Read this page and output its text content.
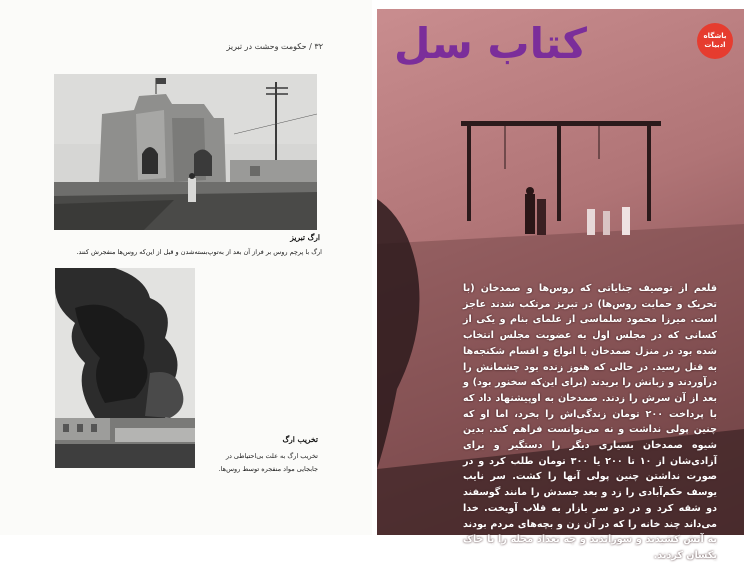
۳۲ / حکومت وحشت در تبریز
ارگ تبریز
ارگ با پرچم روس بر فراز آن بعد از به‌توپ‌بسته‌شدن و قبل از این‌که روس‌ها منفجرش کنند.
تخریب ارگ
تخریب ارگ به علت بی‌احتیاطی در
جابجایی مواد منفجره توسط روس‌ها.
کتاب سل	باشگاه ادبیات
قلعم از توصیف جنایاتی که روس‌ها و صمدخان (با تحریک و حمایت روس‌ها) در تبریز مرتکب شدند عاجز است. میرزا محمود سلماسی از علمای بنام و یکی از کسانی که در مجلس اول به عضویت مجلس انتخاب شده بود در منزل صمدخان با انواع و اقسام شکنجه‌ها به قتل رسید. در حالی که هنوز زنده بود چشمانش را درآوردند و زبانش را بریدند (برای این‌که سخنور بود) و بعد از آن سرش را زدند. صمدخان به اوپیشنهاد داد که با پرداخت ۲۰۰ تومان زندگی‌اش را بخرد، اما او که چنین پولی نداشت و نه می‌توانست فراهم کند. بدین شیوه صمدخان بسیاری دیگر را دستگیر و برای آزادی‌شان از ۱۰ تا ۲۰۰ یا ۳۰۰ تومان طلب کرد و در صورت نداشتن چنین پولی آنها را کشت. سر نایب یوسف حکم‌آبادی را زد و بعد جسدش را مانند گوسفند دو شقه کرد و در دو سر بازار به قلاب آویخت. خدا می‌داند چند خانه را که در آن زن و بچه‌های مردم بودند به آتش کشیدند و سوزاندند و چه تعداد محله را با خاک یکسان کردند.
